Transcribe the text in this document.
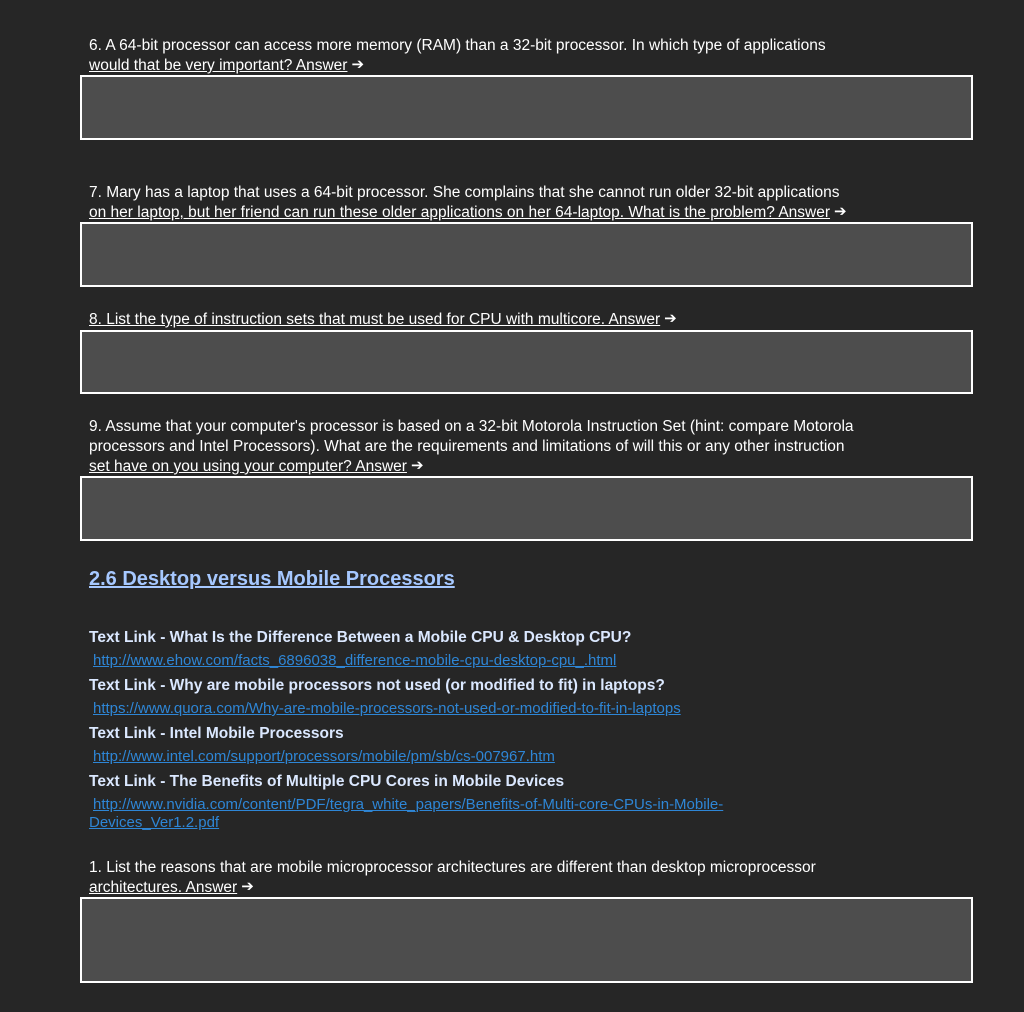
6. A 64-bit processor can access more memory (RAM) than a 32-bit processor. In which type of applications
would that be very important? Answer ➔

7. Mary has a laptop that uses a 64-bit processor. She complains that she cannot run older 32-bit applications
on her laptop, but her friend can run these older applications on her 64-laptop. What is the problem? Answer ➔

8. List the type of instruction sets that must be used for CPU with multicore. Answer ➔

9. Assume that your computer's processor is based on a 32-bit Motorola Instruction Set (hint: compare Motorola
processors and Intel Processors). What are the requirements and limitations of will this or any other instruction
set have on you using your computer? Answer ➔

2.6 Desktop versus Mobile Processors

Text Link - What Is the Difference Between a Mobile CPU & Desktop CPU?

http://www.ehow.com/facts_6896038_difference-mobile-cpu-desktop-cpu_.html

Text Link - Why are mobile processors not used (or modified to fit) in laptops?

https://www.quora.com/Why-are-mobile-processors-not-used-or-modified-to-fit-in-laptops

Text Link - Intel Mobile Processors

http://www.intel.com/support/processors/mobile/pm/sb/cs-007967.htm

Text Link - The Benefits of Multiple CPU Cores in Mobile Devices

http://www.nvidia.com/content/PDF/tegra_white_papers/Benefits-of-Multi-core-CPUs-in-Mobile-
Devices_Ver1.2.pdf

1. List the reasons that are mobile microprocessor architectures are different than desktop microprocessor
architectures. Answer ➔
